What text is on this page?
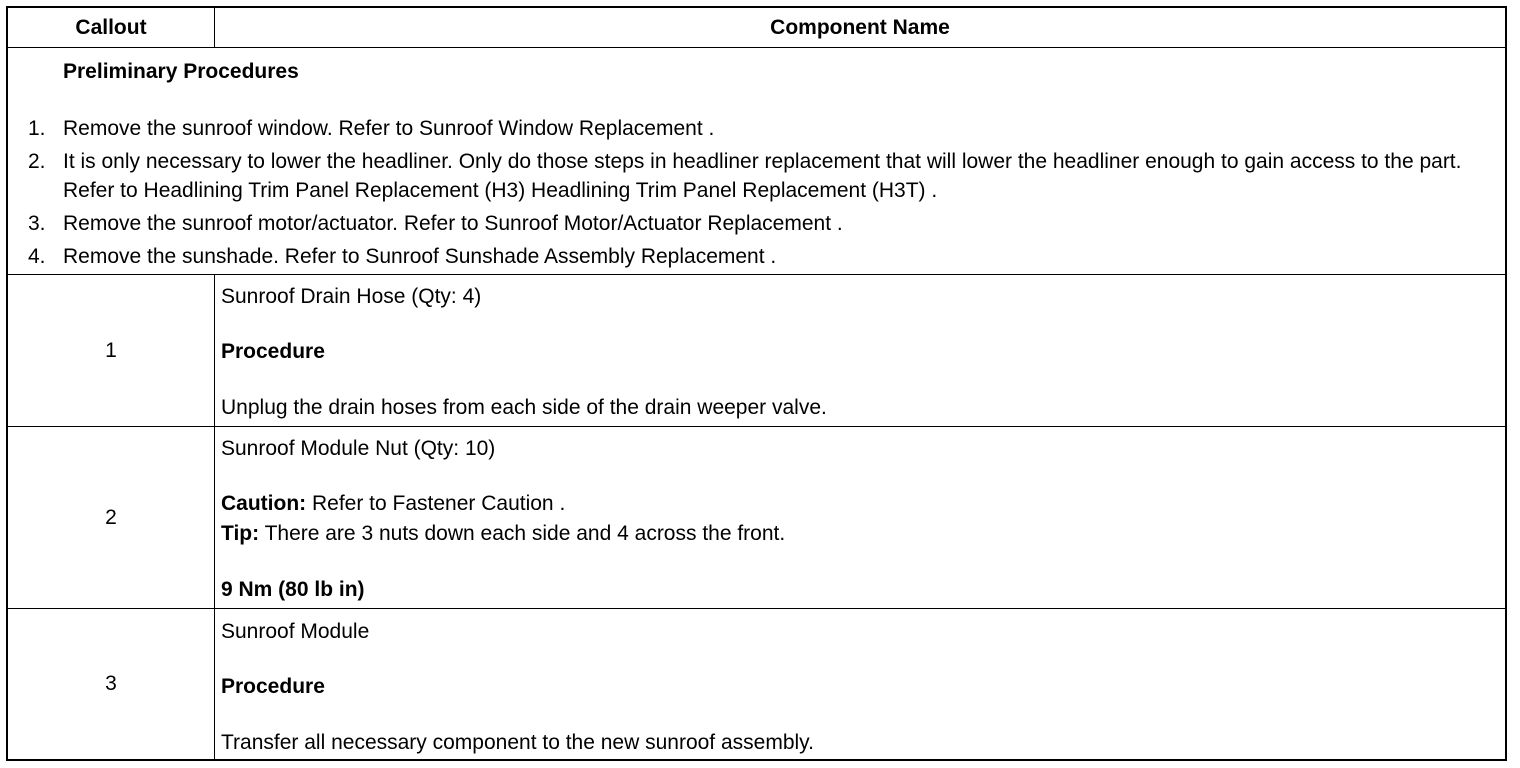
Callout	Component Name
Preliminary Procedures
1. Remove the sunroof window. Refer to Sunroof Window Replacement .
2. It is only necessary to lower the headliner. Only do those steps in headliner replacement that will lower the headliner enough to gain access to the part. Refer to Headlining Trim Panel Replacement (H3) Headlining Trim Panel Replacement (H3T) .
3. Remove the sunroof motor/actuator. Refer to Sunroof Motor/Actuator Replacement .
4. Remove the sunshade. Refer to Sunroof Sunshade Assembly Replacement .
1
Sunroof Drain Hose (Qty: 4)
Procedure
Unplug the drain hoses from each side of the drain weeper valve.
2
Sunroof Module Nut (Qty: 10)
Caution: Refer to Fastener Caution .
Tip: There are 3 nuts down each side and 4 across the front.
9 Nm (80 lb in)
3
Sunroof Module
Procedure
Transfer all necessary component to the new sunroof assembly.
